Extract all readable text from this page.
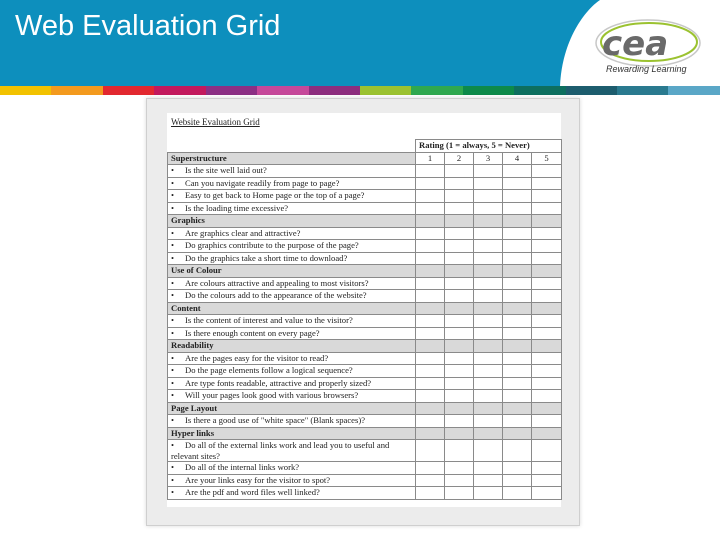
Web Evaluation Grid	cea
Rewarding Learning
Website Evaluation Grid
	Rating (1 = always, 5 = Never)				
Superstructure	1	2	3	4	5
• Is the site well laid out?					
• Can you navigate readily from page to page?					
• Easy to get back to Home page or the top of a page?					
• Is the loading time excessive?					
Graphics					
• Are graphics clear and attractive?					
• Do graphics contribute to the purpose of the page?					
• Do the graphics take a short time to download?					
Use of Colour					
• Are colours attractive and appealing to most visitors?					
• Do the colours add to the appearance of the website?					
Content					
• Is the content of interest and value to the visitor?					
• Is there enough content on every page?					
Readability					
• Are the pages easy for the visitor to read?					
• Do the page elements follow a logical sequence?					
• Are type fonts readable, attractive and properly sized?					
• Will your pages look good with various browsers?					
Page Layout					
• Is there a good use of "white space" (Blank spaces)?					
Hyper links					
• Do all of the external links work and lead you to useful and relevant sites?					
• Do all of the internal links work?					
• Are your links easy for the visitor to spot?					
• Are the pdf and word files well linked?					
